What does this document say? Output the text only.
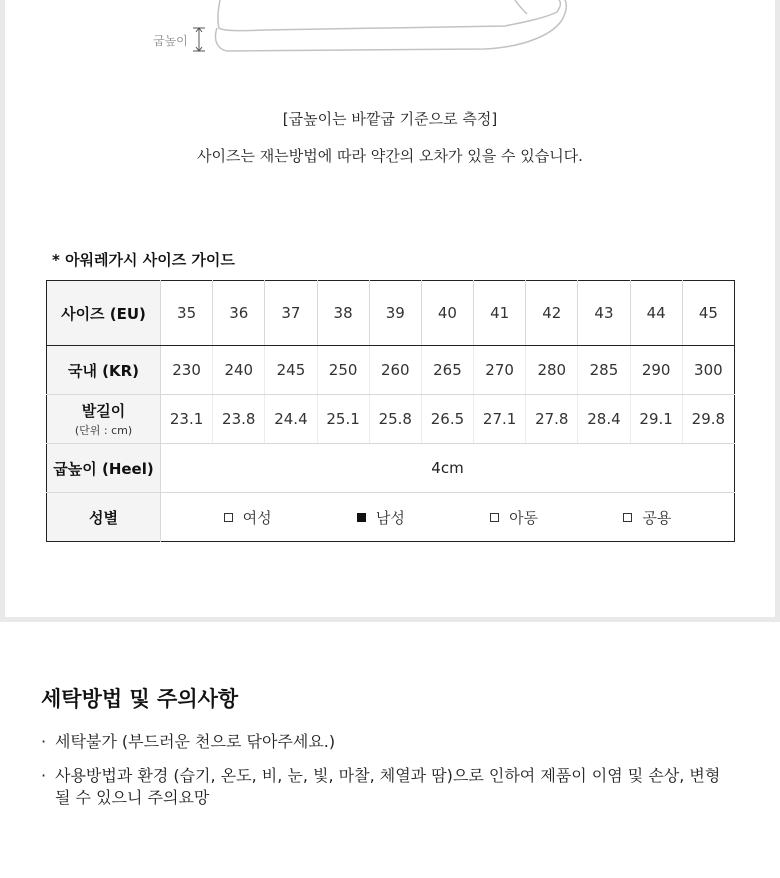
굽높이
[굽높이는 바깥굽 기준으로 측정]
사이즈는 재는방법에 따라 약간의 오차가 있을 수 있습니다.
* 아워레가시 사이즈 가이드
사이즈 (EU)	35	36	37	38	39	40	41	42	43	44	45
국내 (KR)	230	240	245	250	260	265	270	280	285	290	300
발길이
(단위 : cm)	23.1	23.8	24.4	25.1	25.8	26.5	27.1	27.8	28.4	29.1	29.8
굽높이 (Heel)	4cm										
성별	여성 남성 아동 공용										
세탁방법 및 주의사항
· 세탁불가 (부드러운 천으로 닦아주세요.)
· 사용방법과 환경 (습기, 온도, 비, 눈, 빛, 마찰, 체열과 땀)으로 인하여 제품이 이염 및 손상, 변형될 수 있으니 주의요망
